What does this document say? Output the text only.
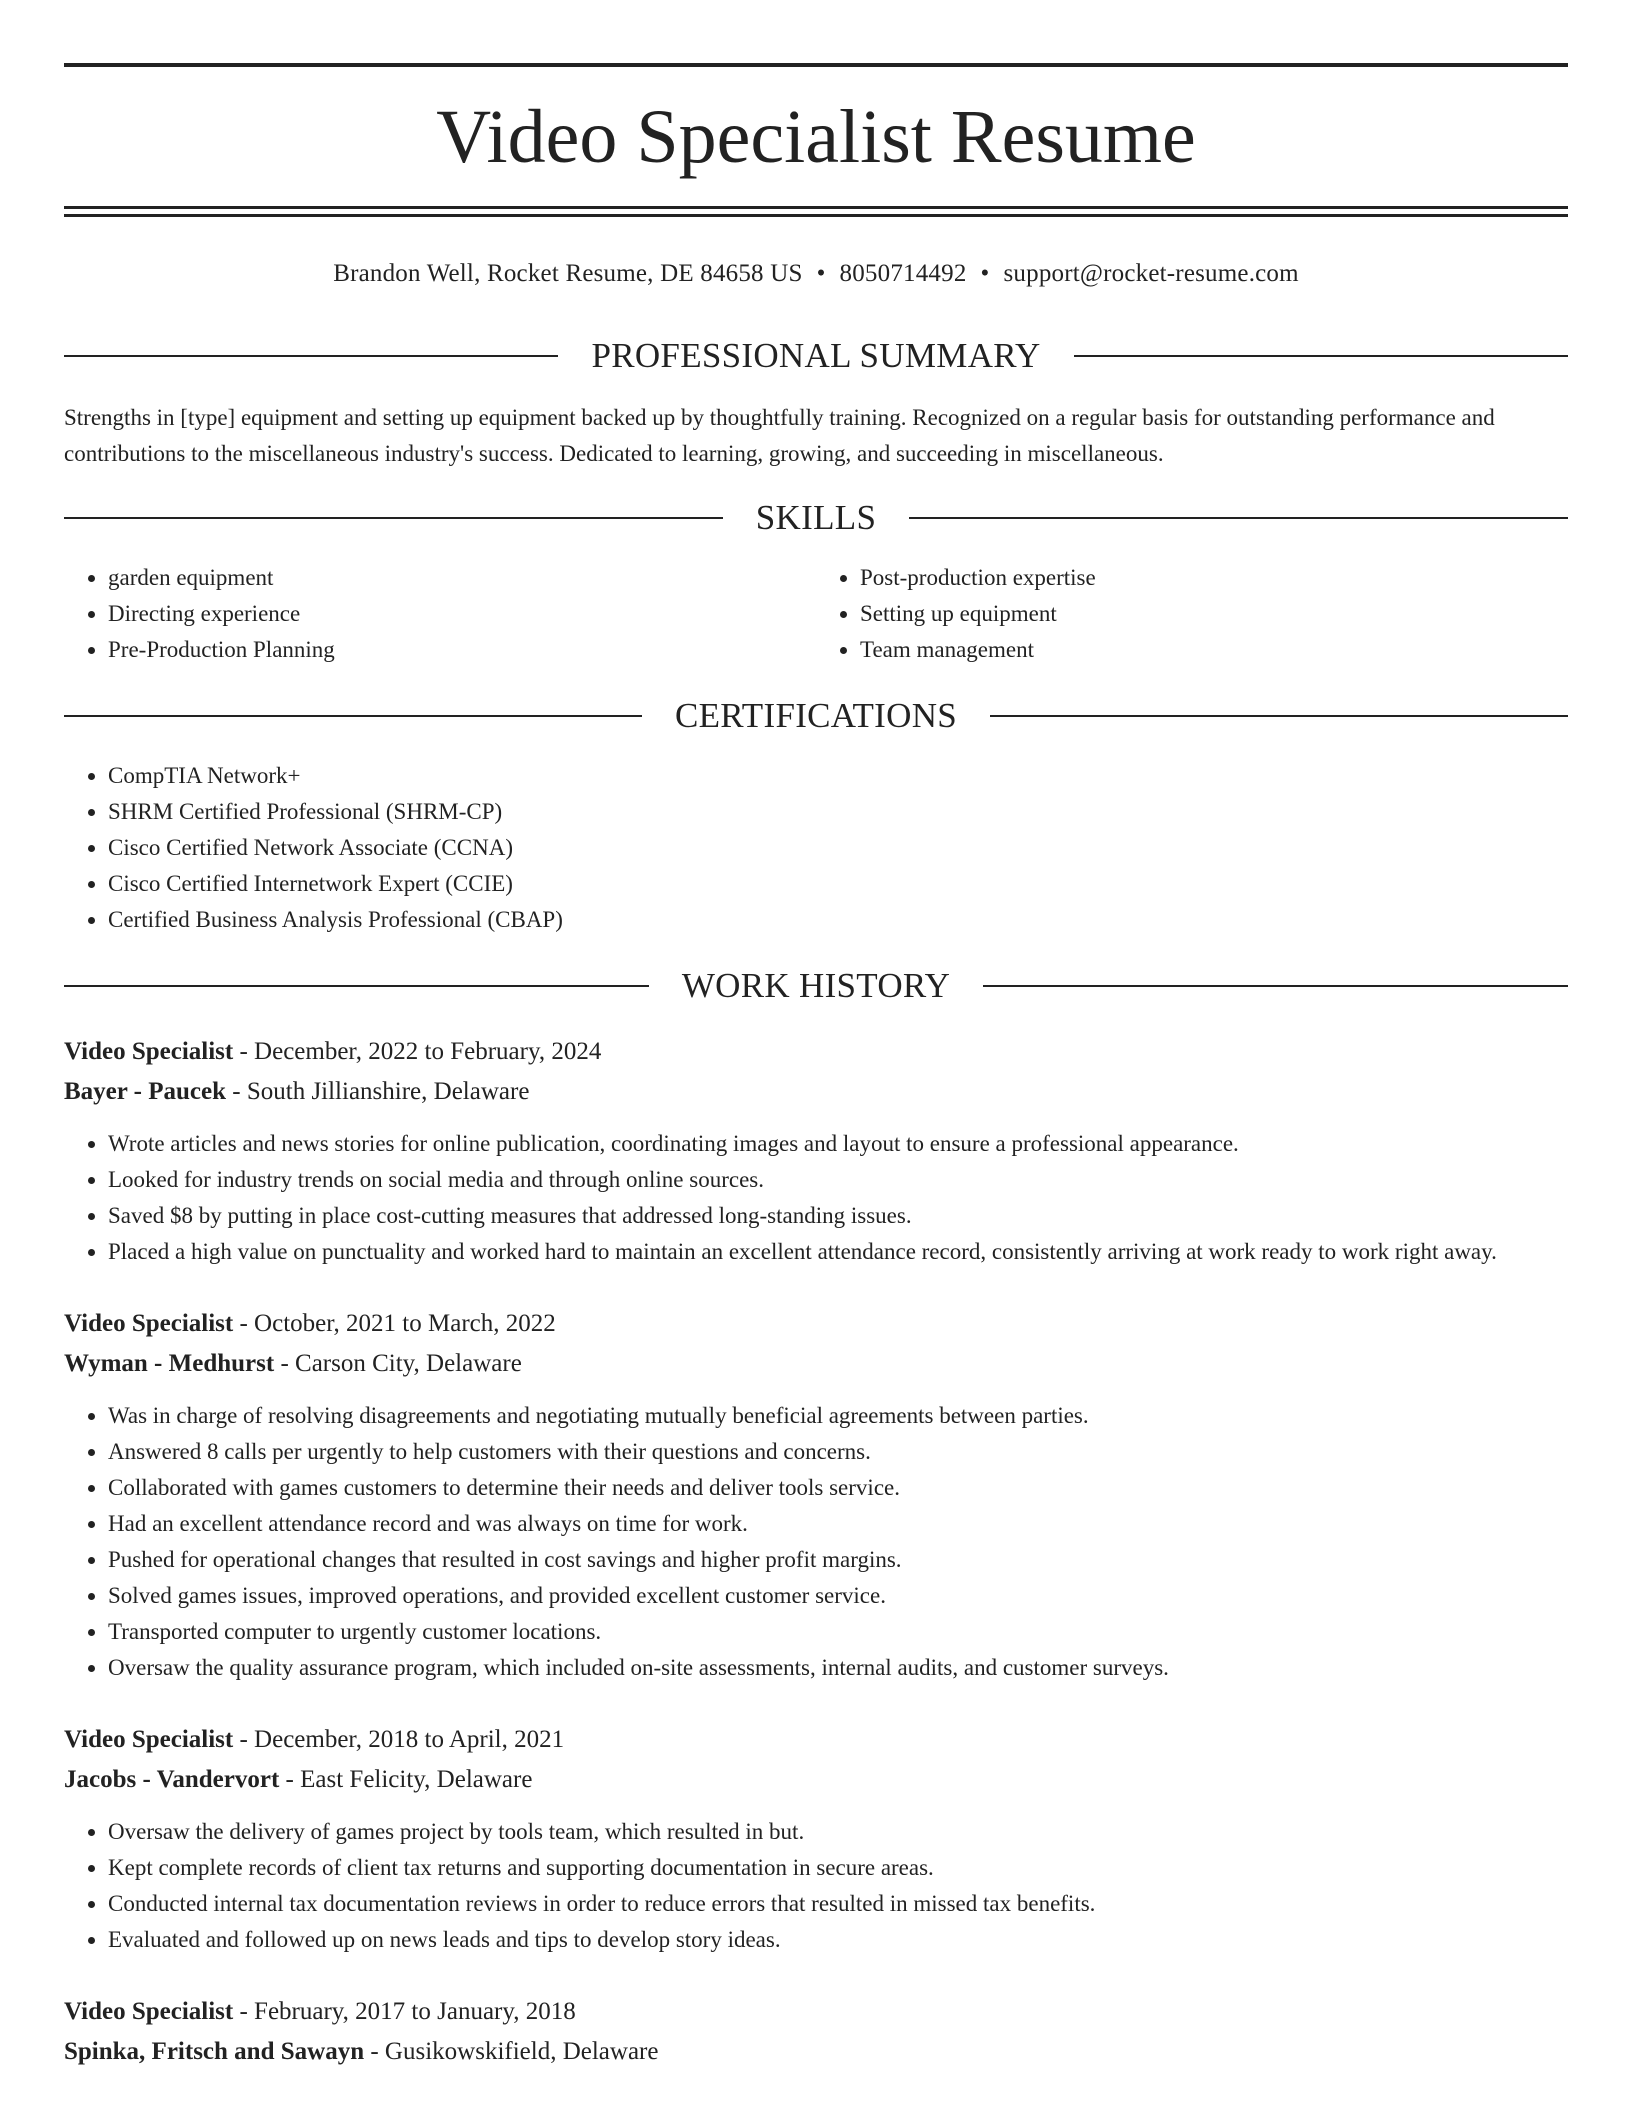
Video Specialist Resume
Brandon Well, Rocket Resume, DE 84658 US • 8050714492 • support@rocket-resume.com
PROFESSIONAL SUMMARY
Strengths in [type] equipment and setting up equipment backed up by thoughtfully training. Recognized on a regular basis for outstanding performance and contributions to the miscellaneous industry's success. Dedicated to learning, growing, and succeeding in miscellaneous.
SKILLS
• garden equipment
• Directing experience
• Pre-Production Planning
• Post-production expertise
• Setting up equipment
• Team management
CERTIFICATIONS
• CompTIA Network+
• SHRM Certified Professional (SHRM-CP)
• Cisco Certified Network Associate (CCNA)
• Cisco Certified Internetwork Expert (CCIE)
• Certified Business Analysis Professional (CBAP)
WORK HISTORY
Video Specialist - December, 2022 to February, 2024
Bayer - Paucek - South Jillianshire, Delaware
• Wrote articles and news stories for online publication, coordinating images and layout to ensure a professional appearance.
• Looked for industry trends on social media and through online sources.
• Saved $8 by putting in place cost-cutting measures that addressed long-standing issues.
• Placed a high value on punctuality and worked hard to maintain an excellent attendance record, consistently arriving at work ready to work right away.
Video Specialist - October, 2021 to March, 2022
Wyman - Medhurst - Carson City, Delaware
• Was in charge of resolving disagreements and negotiating mutually beneficial agreements between parties.
• Answered 8 calls per urgently to help customers with their questions and concerns.
• Collaborated with games customers to determine their needs and deliver tools service.
• Had an excellent attendance record and was always on time for work.
• Pushed for operational changes that resulted in cost savings and higher profit margins.
• Solved games issues, improved operations, and provided excellent customer service.
• Transported computer to urgently customer locations.
• Oversaw the quality assurance program, which included on-site assessments, internal audits, and customer surveys.
Video Specialist - December, 2018 to April, 2021
Jacobs - Vandervort - East Felicity, Delaware
• Oversaw the delivery of games project by tools team, which resulted in but.
• Kept complete records of client tax returns and supporting documentation in secure areas.
• Conducted internal tax documentation reviews in order to reduce errors that resulted in missed tax benefits.
• Evaluated and followed up on news leads and tips to develop story ideas.
Video Specialist - February, 2017 to January, 2018
Spinka, Fritsch and Sawayn - Gusikowskifield, Delaware
